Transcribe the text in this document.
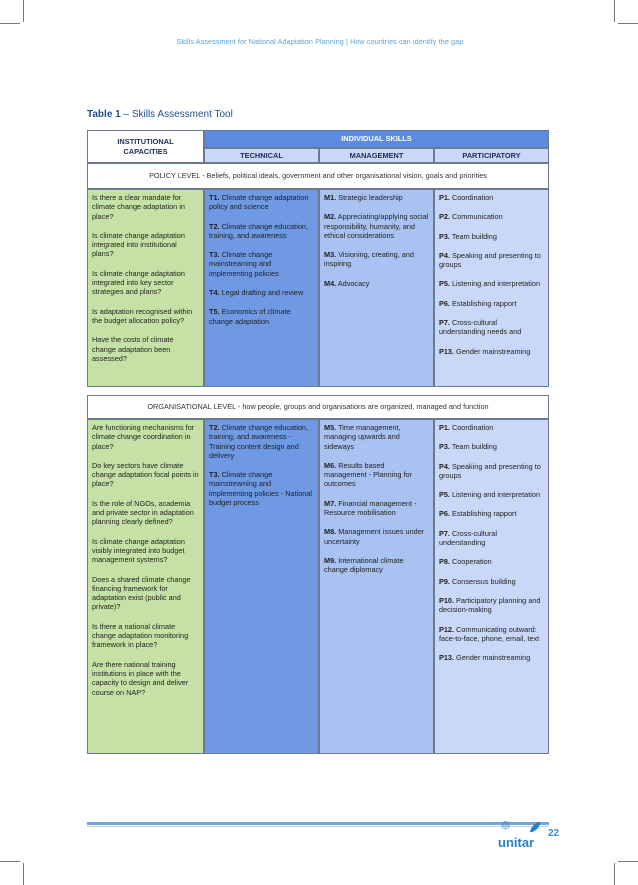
Skills Assessment for National Adaptation Planning | How countries can identify the gap
Table 1 – Skills Assessment Tool
INSTITUTIONAL CAPACITIES
INDIVIDUAL SKILLS
TECHNICAL	MANAGEMENT	PARTICIPATORY
POLICY LEVEL - Beliefs, political ideals, government and other organisational vision, goals and priorities

Is there a clear mandate for climate change adaptation in place?

Is climate change adaptation integrated into institutional plans?

Is climate change adaptation integrated into key sector strategies and plans?

Is adaptation recognised within the budget allocation policy?

Have the costs of climate change adaptation been assessed?

T1. Climate change adaptation policy and science

T2. Climate change education, training, and awareness

T3. Climate change mainstreaming and implementing policies

T4. Legal drafting and review

T5. Economics of climate change adaptation

M1. Strategic leadership

M2. Appreciating/applying social responsibility, humanity, and ethical considerations

M3. Visioning, creating, and inspiring

M4. Advocacy

P1. Coordination

P2. Communication

P3. Team building

P4. Speaking and presenting to groups

P5. Listening and interpretation

P6. Establishing rapport

P7. Cross-cultural understanding needs and

P13. Gender mainstreaming

ORGANISATIONAL LEVEL - how people, groups and organisations are organized, managed and function

Are functioning mechanisms for climate change coordination in place?

Do key sectors have climate change adaptation focal points in place?

Is the role of NGOs, academia and private sector in adaptation planning clearly defined?

Is climate change adaptation visibly integrated into budget management systems?

Does a shared climate change financing framework for adaptation exist (public and private)?

Is there a national climate change adaptation monitoring framework in place?

Are there national training institutions in place with the capacity to design and deliver course on NAP?

T2. Climate change education, training, and awareness - Training content design and delivery

T3. Climate change mainstreaming and implementing policies - National budget process

M5. Time management, managing upwards and sideways

M6. Results based management - Planning for outcomes

M7. Financial management - Resource mobilisation

M8. Management issues under uncertainty

M9. International climate change diplomacy

P1. Coordination

P3. Team building

P4. Speaking and presenting to groups

P5. Listening and interpretation

P6. Establishing rapport

P7. Cross-cultural understanding

P8. Cooperation

P9. Consensus building

P10. Participatory planning and decision-making

P12. Communicating outward: face-to-face, phone, email, text

P13. Gender mainstreaming

unitar
22
